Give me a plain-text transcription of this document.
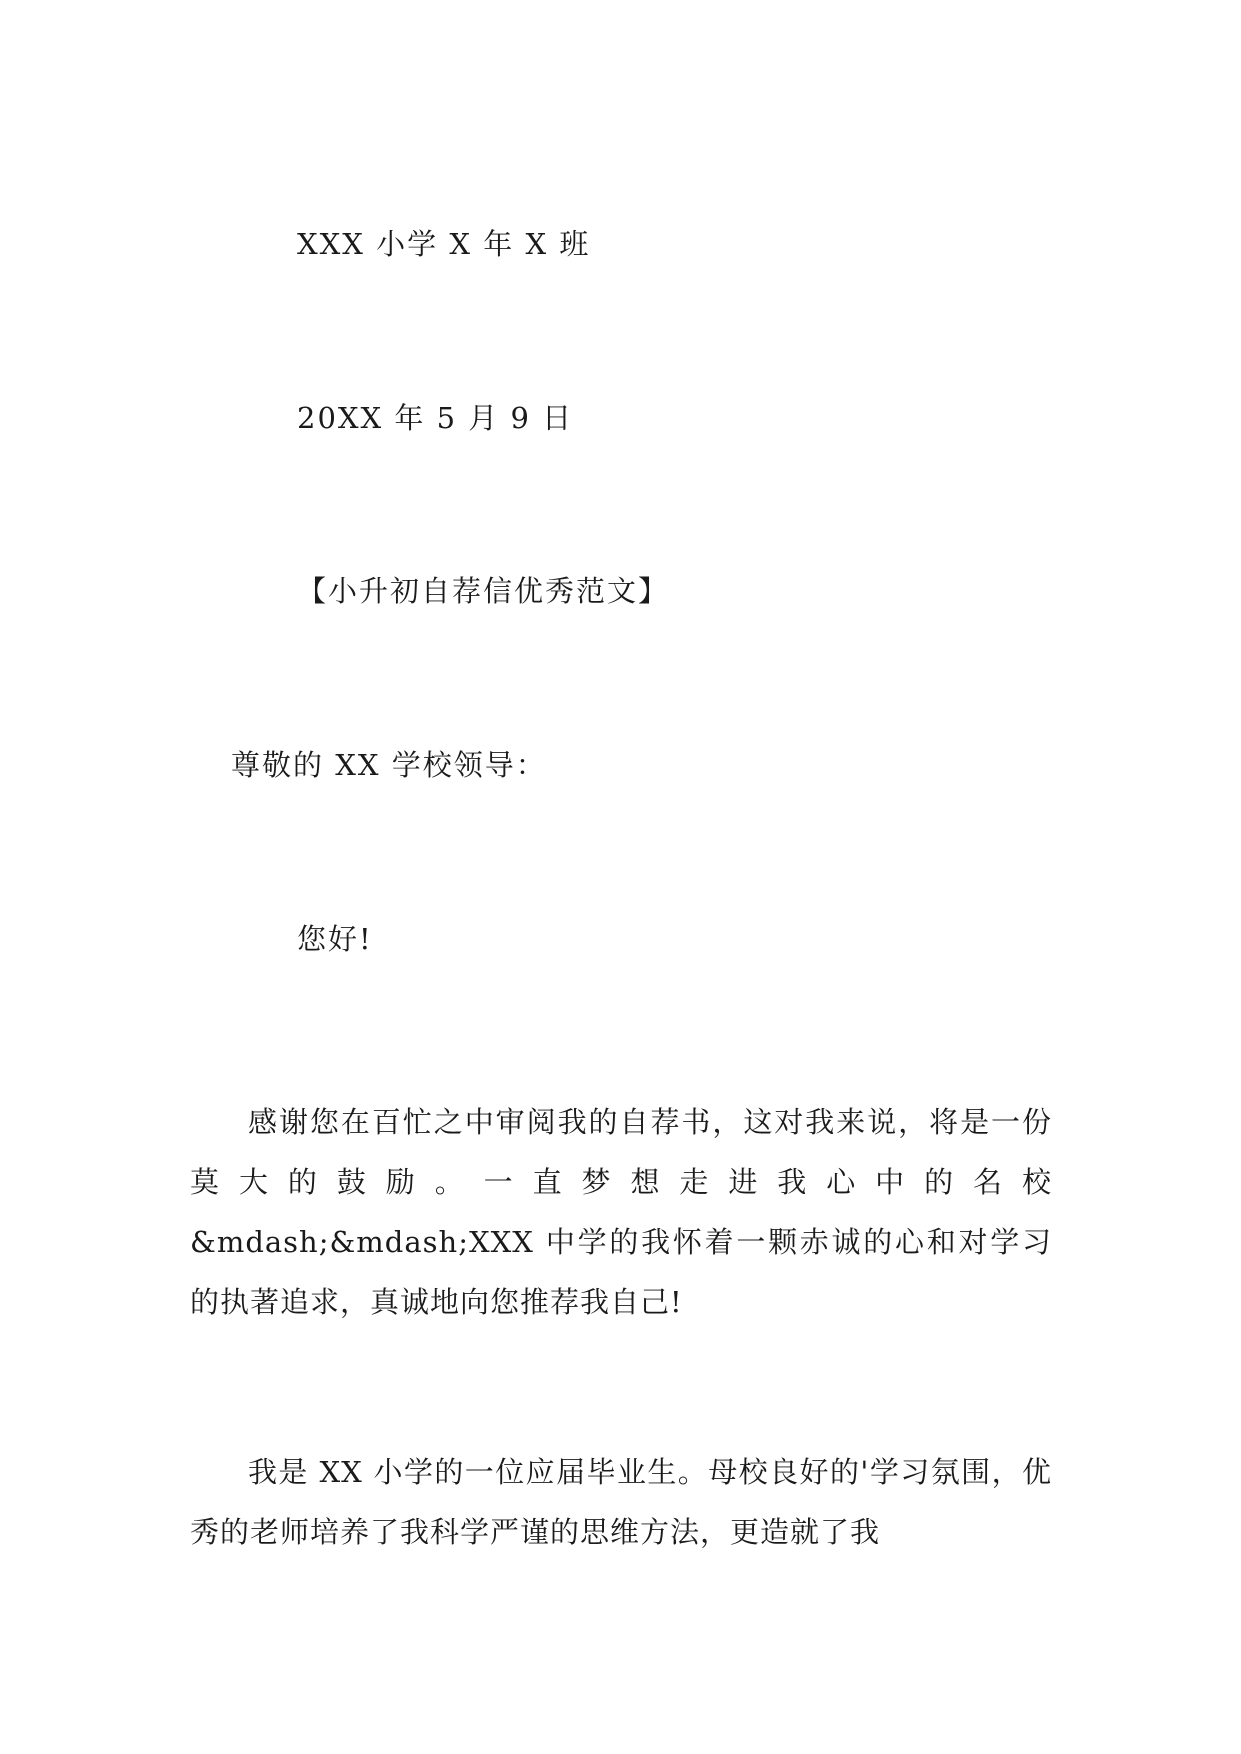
XXX 小学 X 年 X 班
20XX 年 5 月 9 日
【小升初自荐信优秀范文】
尊敬的 XX 学校领导：
您好!
感谢您在百忙之中审阅我的自荐书，这对我来说，将是一份莫大的鼓励。一直梦想走进我心中的名校&mdash;&mdash;XXX 中学的我怀着一颗赤诚的心和对学习的执著追求，真诚地向您推荐我自己!
我是 XX 小学的一位应届毕业生。母校良好的'学习氛围，优秀的老师培养了我科学严谨的思维方法，更造就了我
